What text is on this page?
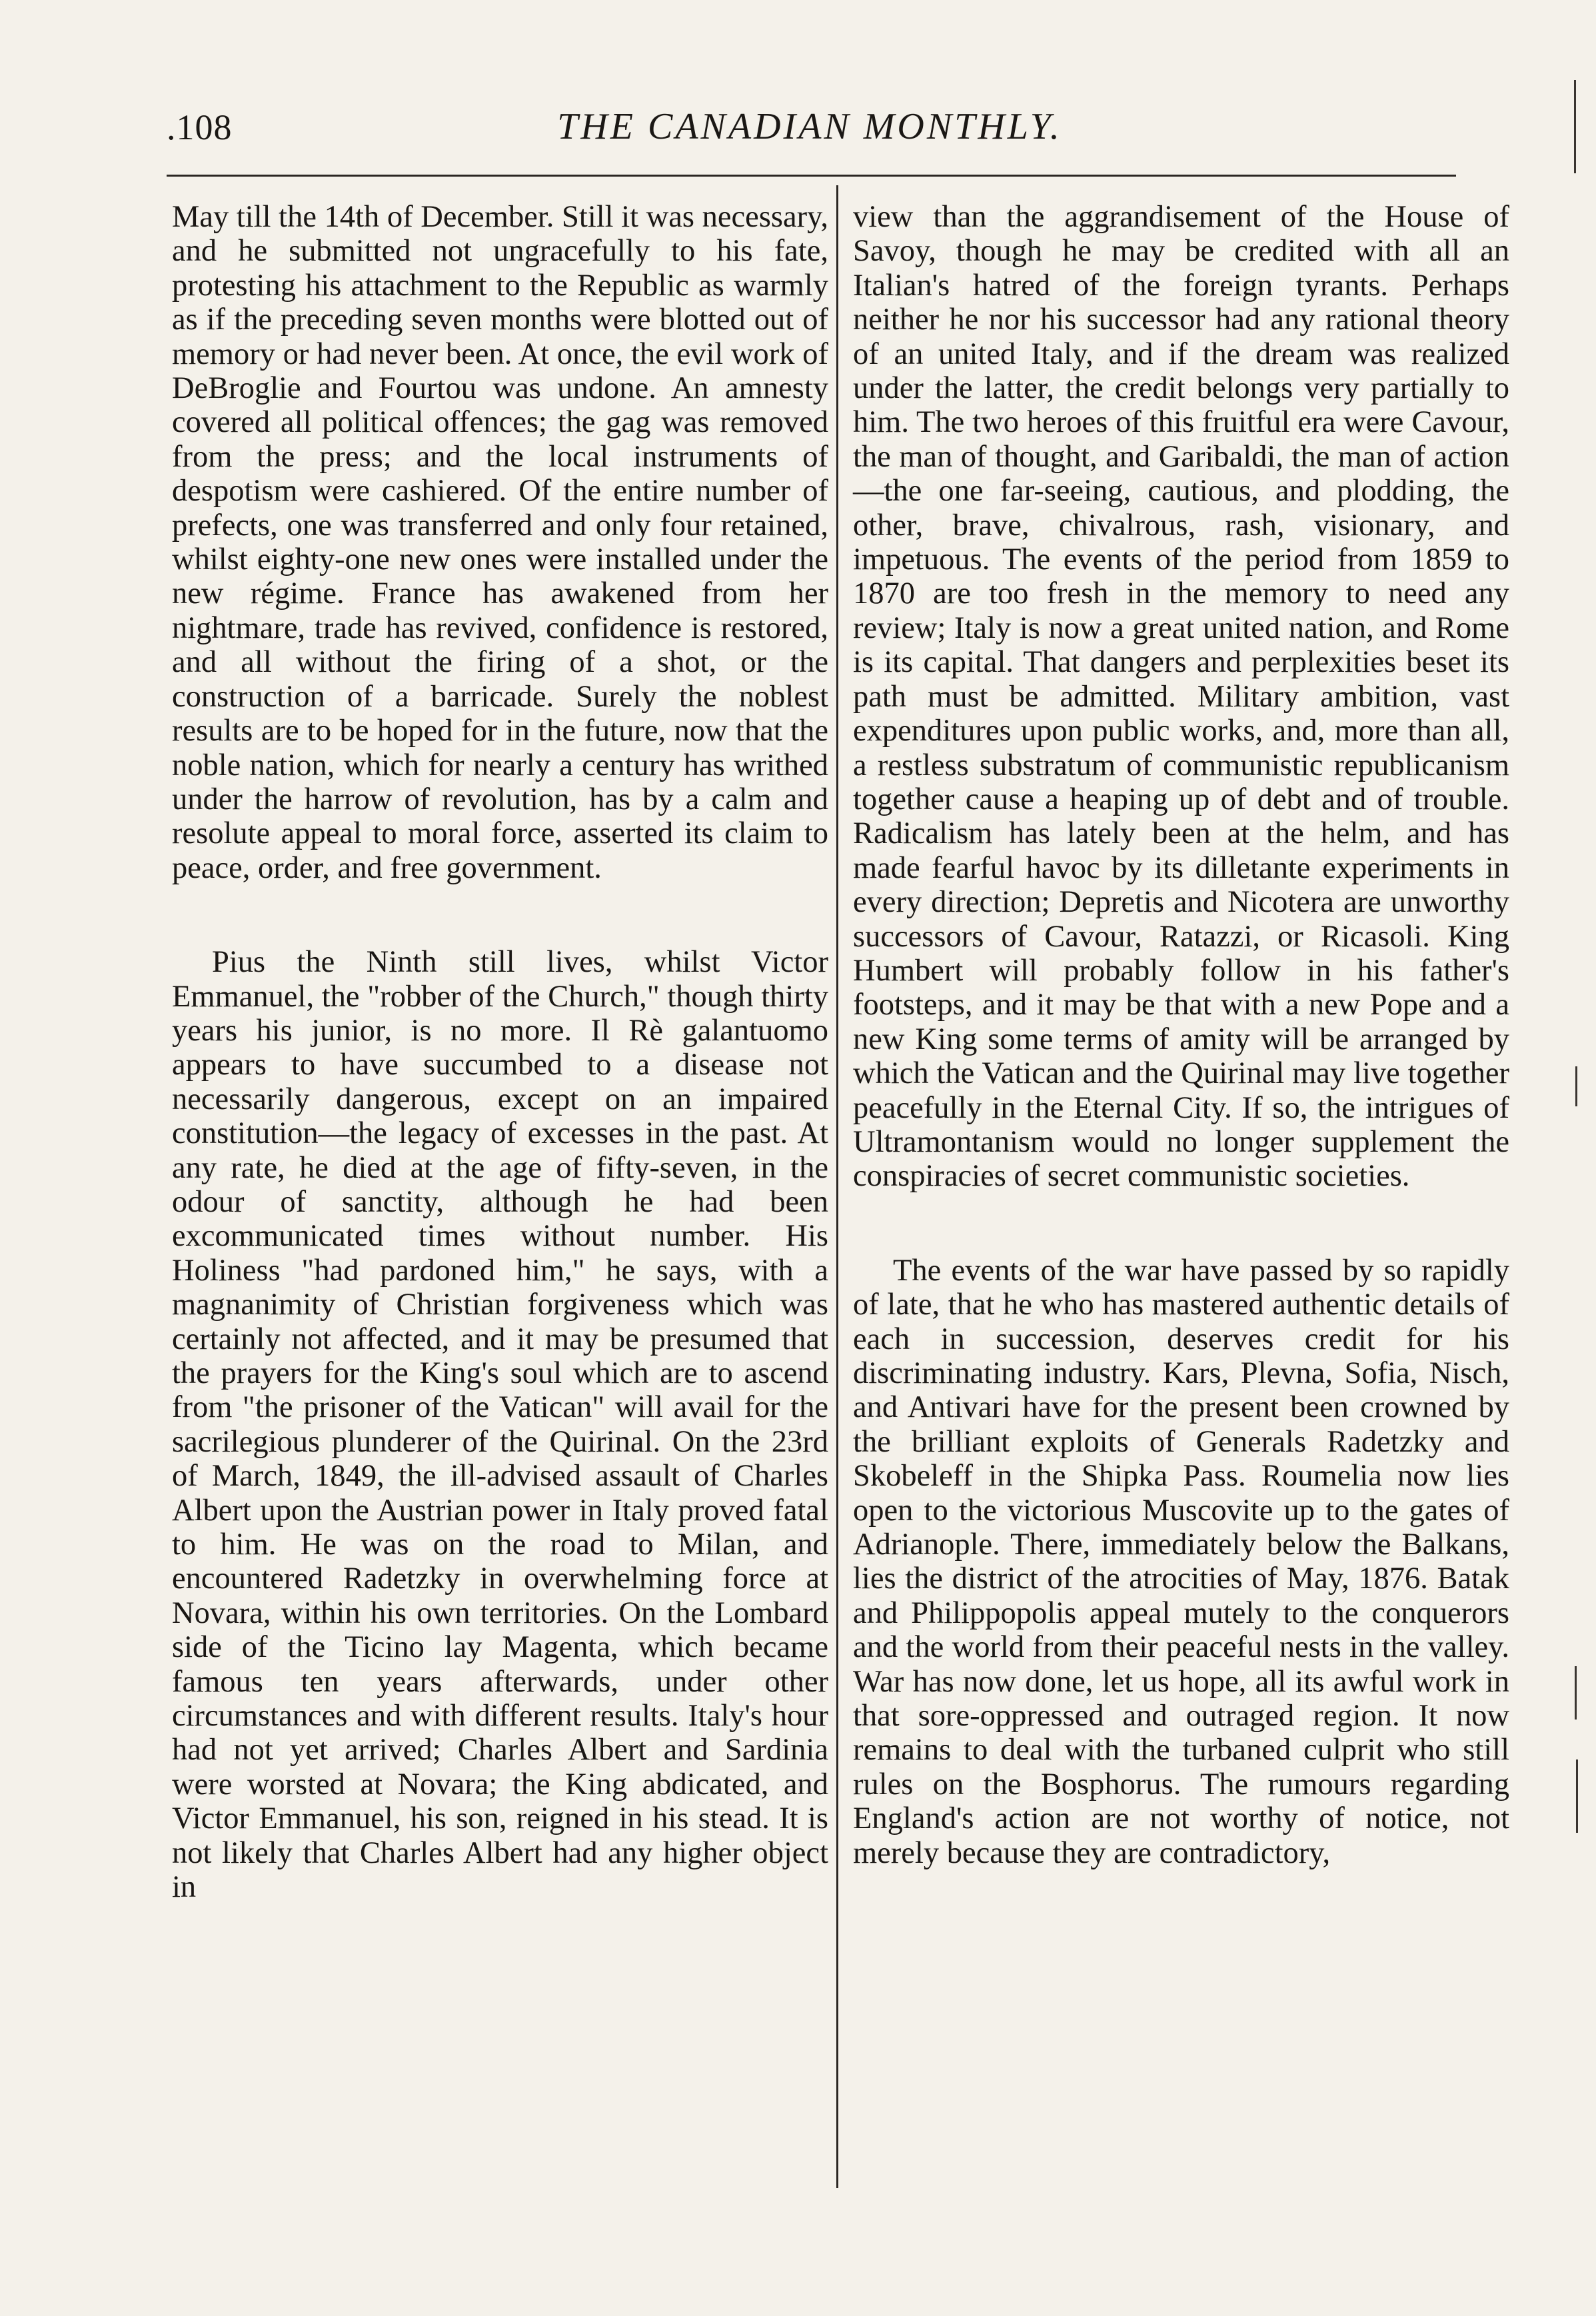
.108	THE CANADIAN MONTHLY.

May till the 14th of December. Still it was necessary, and he submitted not ungracefully to his fate, protesting his attachment to the Republic as warmly as if the preceding seven months were blotted out of memory or had never been. At once, the evil work of DeBroglie and Fourtou was undone. An amnesty covered all political offences; the gag was removed from the press; and the local instruments of despotism were cashiered. Of the entire number of prefects, one was transferred and only four retained, whilst eighty-one new ones were installed under the new régime. France has awakened from her nightmare, trade has revived, confidence is restored, and all without the firing of a shot, or the construction of a barricade. Surely the noblest results are to be hoped for in the future, now that the noble nation, which for nearly a century has writhed under the harrow of revolution, has by a calm and resolute appeal to moral force, asserted its claim to peace, order, and free government.

Pius the Ninth still lives, whilst Victor Emmanuel, the "robber of the Church," though thirty years his junior, is no more. Il Rè galantuomo appears to have succumbed to a disease not necessarily dangerous, except on an impaired constitution—the legacy of excesses in the past. At any rate, he died at the age of fifty-seven, in the odour of sanctity, although he had been excommunicated times without number. His Holiness "had pardoned him," he says, with a magnanimity of Christian forgiveness which was certainly not affected, and it may be presumed that the prayers for the King's soul which are to ascend from "the prisoner of the Vatican" will avail for the sacrilegious plunderer of the Quirinal. On the 23rd of March, 1849, the ill-advised assault of Charles Albert upon the Austrian power in Italy proved fatal to him. He was on the road to Milan, and encountered Radetzky in overwhelming force at Novara, within his own territories. On the Lombard side of the Ticino lay Magenta, which became famous ten years afterwards, under other circumstances and with different results. Italy's hour had not yet arrived; Charles Albert and Sardinia were worsted at Novara; the King abdicated, and Victor Emmanuel, his son, reigned in his stead. It is not likely that Charles Albert had any higher object in

view than the aggrandisement of the House of Savoy, though he may be credited with all an Italian's hatred of the foreign tyrants. Perhaps neither he nor his successor had any rational theory of an united Italy, and if the dream was realized under the latter, the credit belongs very partially to him. The two heroes of this fruitful era were Cavour, the man of thought, and Garibaldi, the man of action—the one far-seeing, cautious, and plodding, the other, brave, chivalrous, rash, visionary, and impetuous. The events of the period from 1859 to 1870 are too fresh in the memory to need any review; Italy is now a great united nation, and Rome is its capital. That dangers and perplexities beset its path must be admitted. Military ambition, vast expenditures upon public works, and, more than all, a restless substratum of communistic republicanism together cause a heaping up of debt and of trouble. Radicalism has lately been at the helm, and has made fearful havoc by its dilletante experiments in every direction; Depretis and Nicotera are unworthy successors of Cavour, Ratazzi, or Ricasoli. King Humbert will probably follow in his father's footsteps, and it may be that with a new Pope and a new King some terms of amity will be arranged by which the Vatican and the Quirinal may live together peacefully in the Eternal City. If so, the intrigues of Ultramontanism would no longer supplement the conspiracies of secret communistic societies.

The events of the war have passed by so rapidly of late, that he who has mastered authentic details of each in succession, deserves credit for his discriminating industry. Kars, Plevna, Sofia, Nisch, and Antivari have for the present been crowned by the brilliant exploits of Generals Radetzky and Skobeleff in the Shipka Pass. Roumelia now lies open to the victorious Muscovite up to the gates of Adrianople. There, immediately below the Balkans, lies the district of the atrocities of May, 1876. Batak and Philippopolis appeal mutely to the conquerors and the world from their peaceful nests in the valley. War has now done, let us hope, all its awful work in that sore-oppressed and outraged region. It now remains to deal with the turbaned culprit who still rules on the Bosphorus. The rumours regarding England's action are not worthy of notice, not merely because they are contradictory,
